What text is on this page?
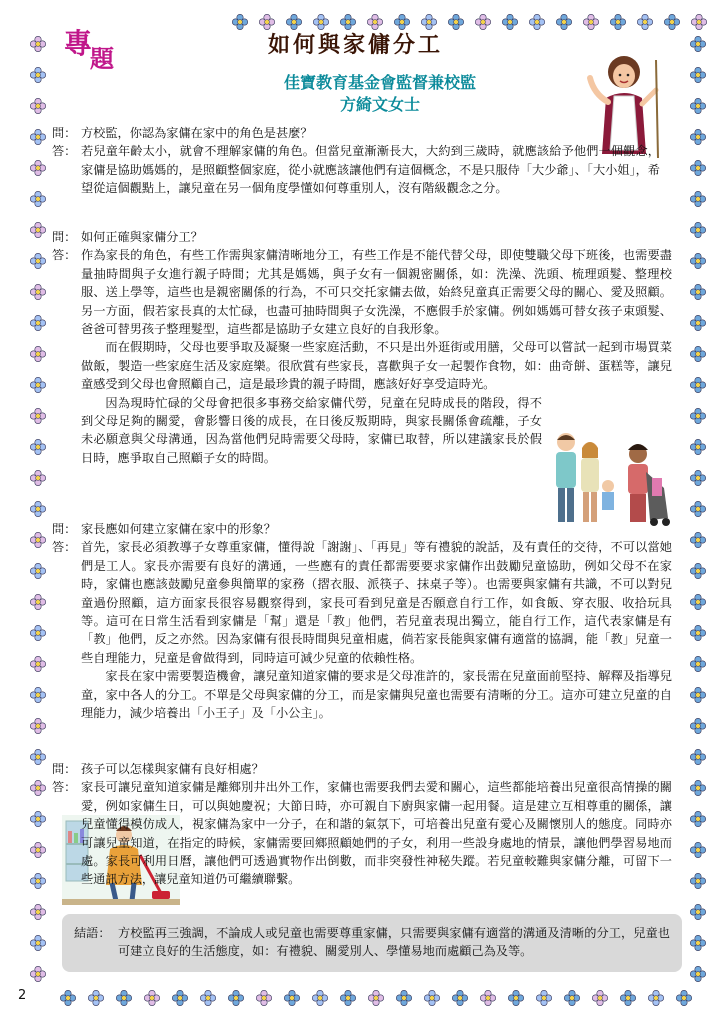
專題	如何與家傭分工
佳寶教育基金會監督兼校監
方綺文女士
問： 方校監，你認為家傭在家中的角色是甚麼？
答： 若兒童年齡太小，就會不理解家傭的角色。但當兒童漸漸長大，大約到三歲時，就應該給予他們一個觀念，家傭是協助媽媽的，是照顧整個家庭，從小就應該讓他們有這個概念，不是只服侍「大少爺」、「大小姐」，希望從這個觀點上，讓兒童在另一個角度學懂如何尊重別人，沒有階級觀念之分。
問： 如何正確與家傭分工？
答： 作為家長的角色，有些工作需與家傭清晰地分工，有些工作是不能代替父母，即使雙職父母下班後，也需要盡量抽時間與子女進行親子時間；尤其是媽媽，與子女有一個親密關係，如：洗澡、洗頭、梳理頭髮、整理校服、送上學等，這些也是親密關係的行為，不可只交托家傭去做，始終兒童真正需要父母的關心、愛及照顧。另一方面，假若家長真的太忙碌，也盡可抽時間與子女洗澡，不應假手於家傭。例如媽媽可替女孩子束頭髮、爸爸可替男孩子整理髮型，這些都是協助子女建立良好的自我形象。
而在假期時，父母也要爭取及凝聚一些家庭活動，不只是出外逛街或用膳，父母可以嘗試一起到市場買菜做飯，製造一些家庭生活及家庭樂。很欣賞有些家長，喜歡與子女一起製作食物，如：曲奇餅、蛋糕等，讓兒童感受到父母也會照顧自己，這是最珍貴的親子時間，應該好好享受這時光。
因為現時忙碌的父母會把很多事務交給家傭代勞，兒童在兒時成長的階段，得不到父母足夠的關愛，會影響日後的成長，在日後反叛期時，與家長關係會疏離，子女未必願意與父母溝通，因為當他們兒時需要父母時，家傭已取替，所以建議家長於假日時，應爭取自己照顧子女的時間。
問： 家長應如何建立家傭在家中的形象？
答： 首先，家長必須教導子女尊重家傭，懂得說「謝謝」、「再見」等有禮貌的說話，及有責任的交待，不可以當她們是工人。家長亦需要有良好的溝通，一些應有的責任都需要要求家傭作出鼓勵兒童協助，例如父母不在家時，家傭也應該鼓勵兒童參與簡單的家務（摺衣服、派筷子、抹桌子等）。也需要與家傭有共識，不可以對兒童過份照顧，這方面家長很容易觀察得到，家長可看到兒童是否願意自行工作，如食飯、穿衣服、收拾玩具等。這可在日常生活看到家傭是「幫」還是「教」他們，若兒童表現出獨立，能自行工作，這代表家傭是有「教」他們，反之亦然。因為家傭有很長時間與兒童相處，倘若家長能與家傭有適當的協調，能「教」兒童一些自理能力，兒童是會做得到，同時這可減少兒童的依賴性格。
家長在家中需要製造機會，讓兒童知道家傭的要求是父母准許的，家長需在兒童面前堅持、解釋及指導兒童，家中各人的分工。不單是父母與家傭的分工，而是家傭與兒童也需要有清晰的分工。這亦可建立兒童的自理能力，減少培養出「小王子」及「小公主」。
問： 孩子可以怎樣與家傭有良好相處？
答： 家長可讓兒童知道家傭是離鄉別井出外工作，家傭也需要我們去愛和關心，這些都能培養出兒童很高情操的關愛，例如家傭生日，可以與她慶祝；大節日時，亦可親自下廚與家傭一起用餐。這是建立互相尊重的關係，讓兒童懂得模仿成人，視家傭為家中一分子，在和諧的氣氛下，可培養出兒童有愛心及關懷別人的態度。同時亦可讓兒童知道，在指定的時候，家傭需要回鄉照顧她們的子女，利用一些設身處地的情景，讓他們學習易地而處。家長可利用日曆，讓他們可透過實物作出倒數，而非突發性神秘失蹤。若兒童較難與家傭分離，可留下一些通訊方法，讓兒童知道仍可繼續聯繫。
結語： 方校監再三強調，不論成人或兒童也需要尊重家傭，只需要與家傭有適當的溝通及清晰的分工，兒童也可建立良好的生活態度，如：有禮貌、關愛別人、學懂易地而處顧己為及等。
2
